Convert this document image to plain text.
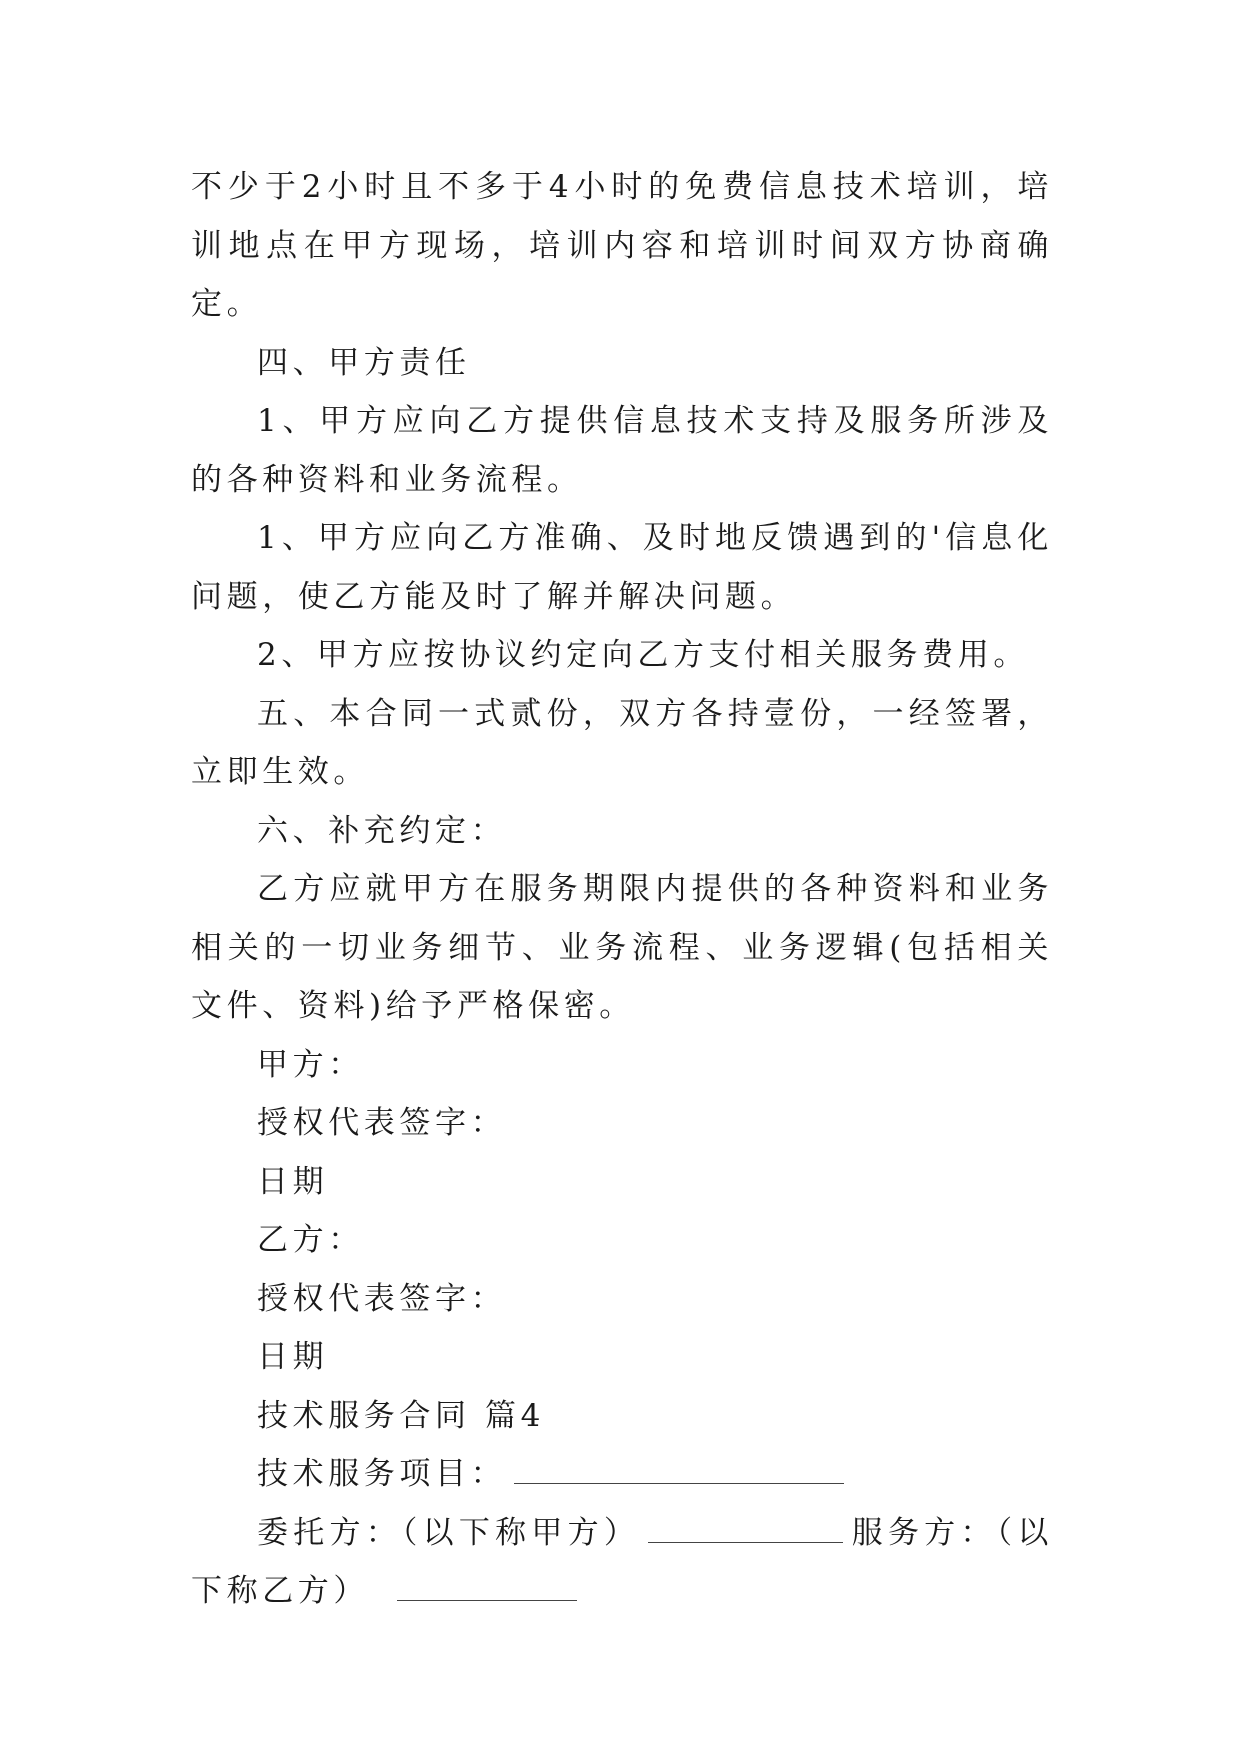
不少于2小时且不多于4小时的免费信息技术培训，培训地点在甲方现场，培训内容和培训时间双方协商确定。

四、甲方责任

1、甲方应向乙方提供信息技术支持及服务所涉及的各种资料和业务流程。

1、甲方应向乙方准确、及时地反馈遇到的'信息化问题，使乙方能及时了解并解决问题。

2、甲方应按协议约定向乙方支付相关服务费用。

五、本合同一式贰份，双方各持壹份，一经签署，立即生效。

六、补充约定：

乙方应就甲方在服务期限内提供的各种资料和业务相关的一切业务细节、业务流程、业务逻辑(包括相关文件、资料)给予严格保密。

甲方：

授权代表签字：

日期

乙方：

授权代表签字：

日期

技术服务合同 篇4

技术服务项目：

委托方：（以下称甲方）	服务方：（以下称乙方）
